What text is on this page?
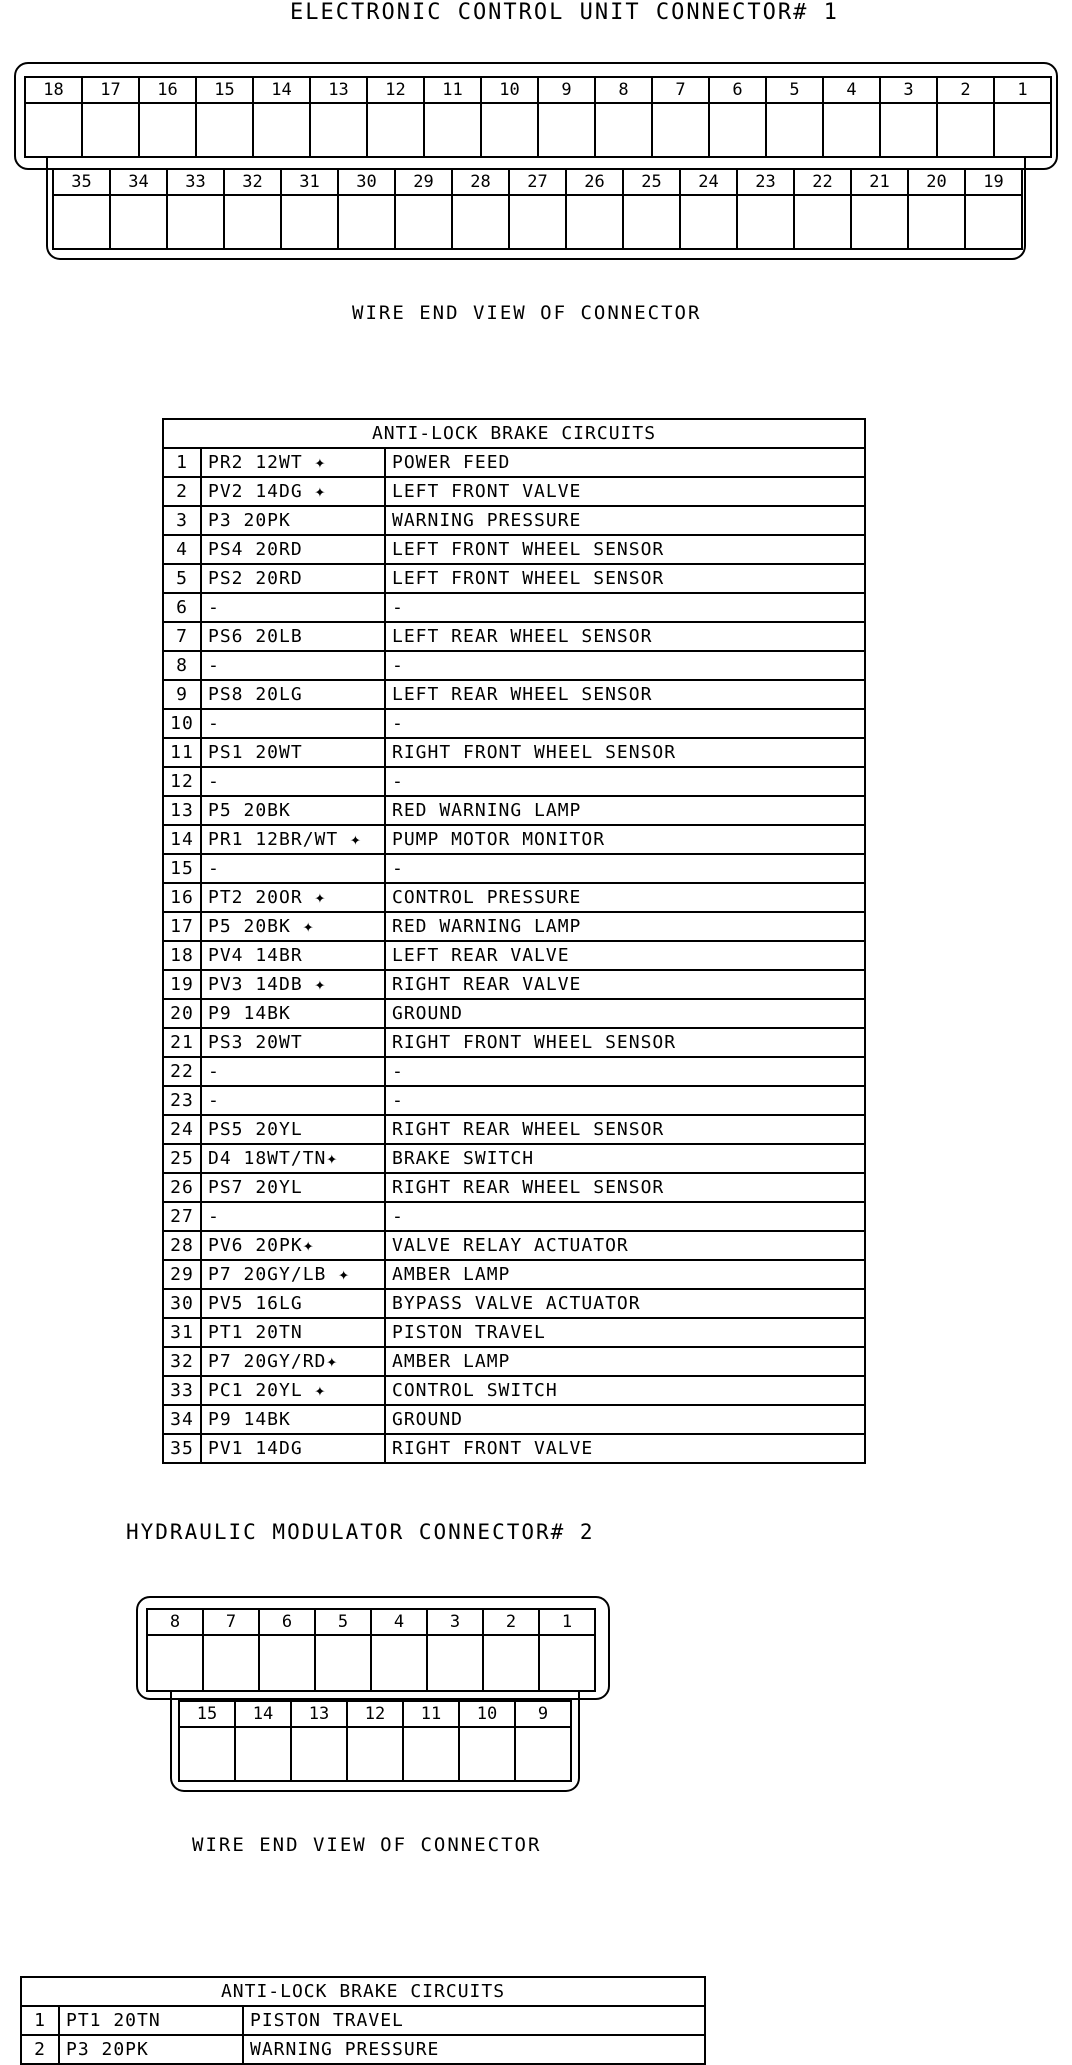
ELECTRONIC CONTROL UNIT CONNECTOR# 1
18	17	16	15	14	13	12	11	10	9	8	7	6	5	4	3	2	1
35	34	33	32	31	30	29	28	27	26	25	24	23	22	21	20	19
WIRE END VIEW OF CONNECTOR
ANTI-LOCK BRAKE CIRCUITS		
1	PR2 12WT ✦	POWER FEED
2	PV2 14DG ✦	LEFT FRONT VALVE
3	P3 20PK	WARNING PRESSURE
4	PS4 20RD	LEFT FRONT WHEEL SENSOR
5	PS2 20RD	LEFT FRONT WHEEL SENSOR
6	-	-
7	PS6 20LB	LEFT REAR WHEEL SENSOR
8	-	-
9	PS8 20LG	LEFT REAR WHEEL SENSOR
10	-	-
11	PS1 20WT	RIGHT FRONT WHEEL SENSOR
12	-	-
13	P5 20BK	RED WARNING LAMP
14	PR1 12BR/WT ✦	PUMP MOTOR MONITOR
15	-	-
16	PT2 20OR ✦	CONTROL PRESSURE
17	P5 20BK ✦	RED WARNING LAMP
18	PV4 14BR	LEFT REAR VALVE
19	PV3 14DB ✦	RIGHT REAR VALVE
20	P9 14BK	GROUND
21	PS3 20WT	RIGHT FRONT WHEEL SENSOR
22	-	-
23	-	-
24	PS5 20YL	RIGHT REAR WHEEL SENSOR
25	D4 18WT/TN✦	BRAKE SWITCH
26	PS7 20YL	RIGHT REAR WHEEL SENSOR
27	-	-
28	PV6 20PK✦	VALVE RELAY ACTUATOR
29	P7 20GY/LB ✦	AMBER LAMP
30	PV5 16LG	BYPASS VALVE ACTUATOR
31	PT1 20TN	PISTON TRAVEL
32	P7 20GY/RD✦	AMBER LAMP
33	PC1 20YL ✦	CONTROL SWITCH
34	P9 14BK	GROUND
35	PV1 14DG	RIGHT FRONT VALVE
HYDRAULIC MODULATOR CONNECTOR# 2
8	7	6	5	4	3	2	1
15	14	13	12	11	10	9
WIRE END VIEW OF CONNECTOR
ANTI-LOCK BRAKE CIRCUITS		
1	PT1 20TN	PISTON TRAVEL
2	P3 20PK	WARNING PRESSURE
